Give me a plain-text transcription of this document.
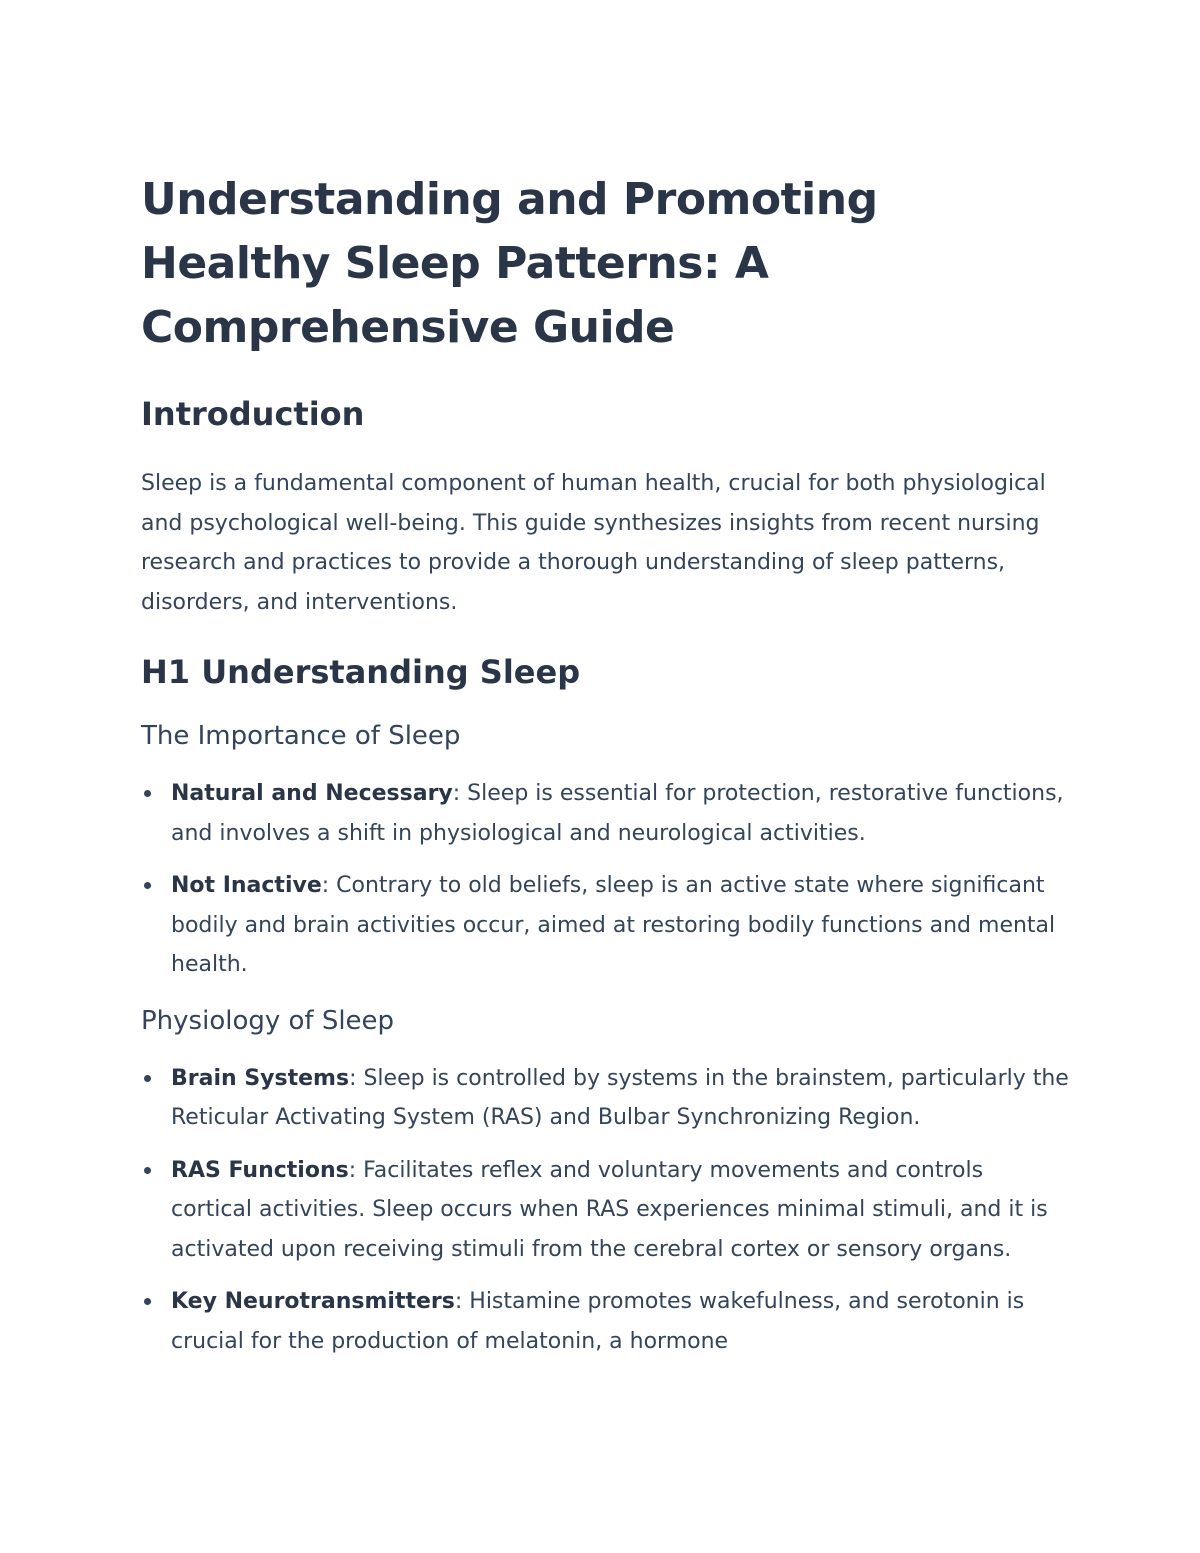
Understanding and Promoting Healthy Sleep Patterns: A Comprehensive Guide
Introduction

Sleep is a fundamental component of human health, crucial for both physiological and psychological well-being. This guide synthesizes insights from recent nursing research and practices to provide a thorough understanding of sleep patterns, disorders, and interventions.

H1 Understanding Sleep
The Importance of Sleep
Natural and Necessary: Sleep is essential for protection, restorative functions, and involves a shift in physiological and neurological activities.
Not Inactive: Contrary to old beliefs, sleep is an active state where significant bodily and brain activities occur, aimed at restoring bodily functions and mental health.
Physiology of Sleep
Brain Systems: Sleep is controlled by systems in the brainstem, particularly the Reticular Activating System (RAS) and Bulbar Synchronizing Region.
RAS Functions: Facilitates reflex and voluntary movements and controls cortical activities. Sleep occurs when RAS experiences minimal stimuli, and it is activated upon receiving stimuli from the cerebral cortex or sensory organs.
Key Neurotransmitters: Histamine promotes wakefulness, and serotonin is crucial for the production of melatonin, a hormone
